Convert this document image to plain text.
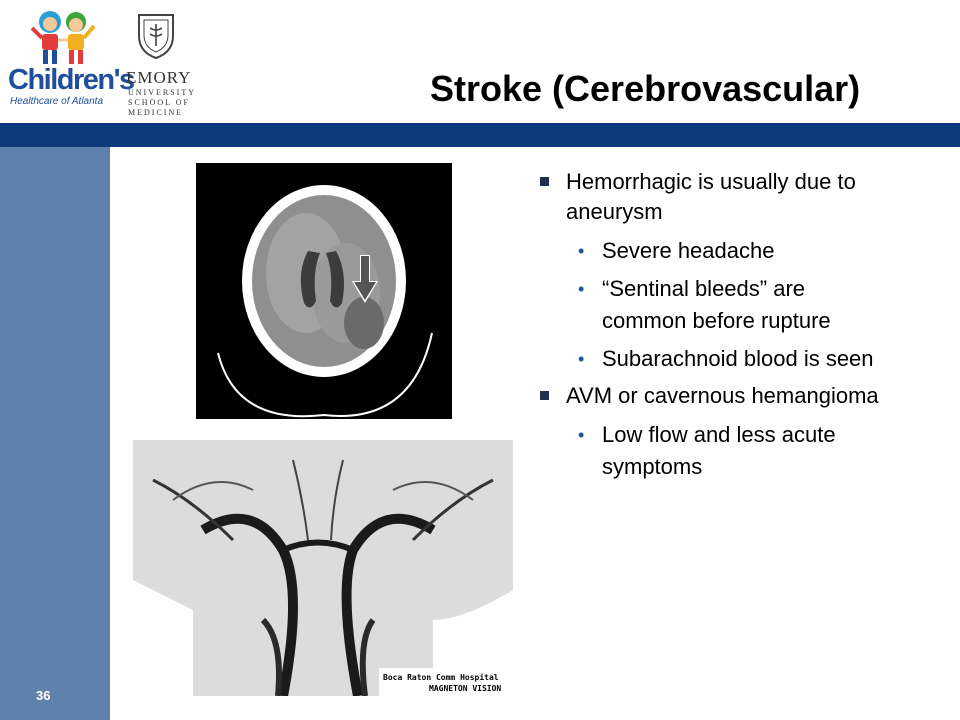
Children's
Healthcare of Atlanta
EMORY
UNIVERSITY
SCHOOL OF
MEDICINE
Stroke (Cerebrovascular)
36
Boca Raton Comm Hospital
MAGNETON VISION
Hemorrhagic is usually due to aneurysm
• Severe headache
• “Sentinal bleeds” are common before rupture
• Subarachnoid blood is seen
AVM or cavernous hemangioma
• Low flow and less acute symptoms
